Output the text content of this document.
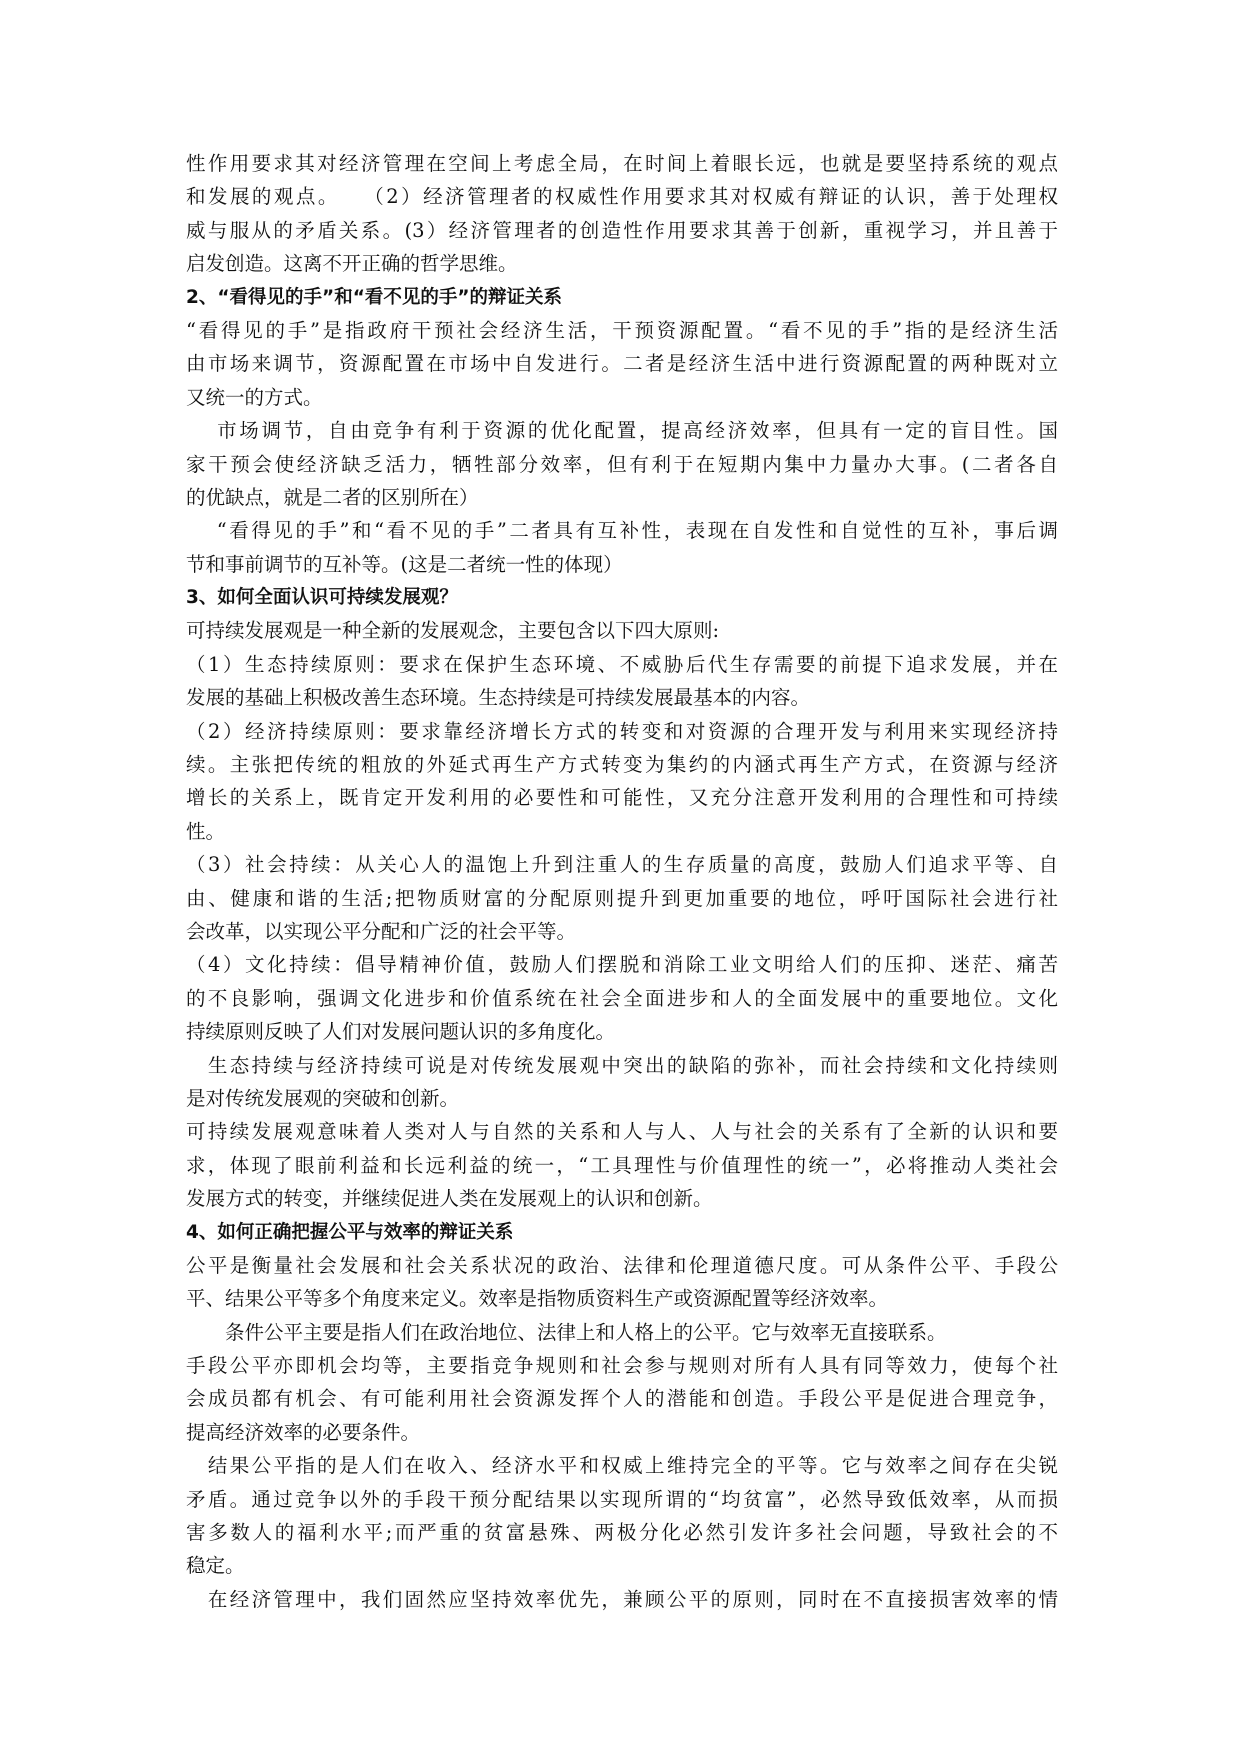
性作用要求其对经济管理在空间上考虑全局，在时间上着眼长远，也就是要坚持系统的观点
和发展的观点。　　（2）经济管理者的权威性作用要求其对权威有辩证的认识，善于处理权
威与服从的矛盾关系。(3）经济管理者的创造性作用要求其善于创新，重视学习，并且善于
启发创造。这离不开正确的哲学思维。
2、“看得见的手”和“看不见的手”的辩证关系
“看得见的手”是指政府干预社会经济生活，干预资源配置。“看不见的手”指的是经济生活
由市场来调节，资源配置在市场中自发进行。二者是经济生活中进行资源配置的两种既对立
又统一的方式。
　 市场调节，自由竞争有利于资源的优化配置，提高经济效率，但具有一定的盲目性。国
家干预会使经济缺乏活力，牺牲部分效率，但有利于在短期内集中力量办大事。(二者各自
的优缺点，就是二者的区别所在）
　 “看得见的手”和“看不见的手”二者具有互补性，表现在自发性和自觉性的互补，事后调
节和事前调节的互补等。(这是二者统一性的体现）
3、如何全面认识可持续发展观？
可持续发展观是一种全新的发展观念，主要包含以下四大原则:
（1）生态持续原则：要求在保护生态环境、不威胁后代生存需要的前提下追求发展，并在
发展的基础上积极改善生态环境。生态持续是可持续发展最基本的内容。
（2）经济持续原则：要求靠经济增长方式的转变和对资源的合理开发与利用来实现经济持
续。主张把传统的粗放的外延式再生产方式转变为集约的内涵式再生产方式，在资源与经济
增长的关系上，既肯定开发利用的必要性和可能性，又充分注意开发利用的合理性和可持续
性。
（3）社会持续：从关心人的温饱上升到注重人的生存质量的高度，鼓励人们追求平等、自
由、健康和谐的生活;把物质财富的分配原则提升到更加重要的地位，呼吁国际社会进行社
会改革，以实现公平分配和广泛的社会平等。
（4）文化持续：倡导精神价值，鼓励人们摆脱和消除工业文明给人们的压抑、迷茫、痛苦
的不良影响，强调文化进步和价值系统在社会全面进步和人的全面发展中的重要地位。文化
持续原则反映了人们对发展问题认识的多角度化。
　生态持续与经济持续可说是对传统发展观中突出的缺陷的弥补，而社会持续和文化持续则
是对传统发展观的突破和创新。
可持续发展观意味着人类对人与自然的关系和人与人、人与社会的关系有了全新的认识和要
求，体现了眼前利益和长远利益的统一，“工具理性与价值理性的统一”，必将推动人类社会
发展方式的转变，并继续促进人类在发展观上的认识和创新。
4、如何正确把握公平与效率的辩证关系
公平是衡量社会发展和社会关系状况的政治、法律和伦理道德尺度。可从条件公平、手段公
平、结果公平等多个角度来定义。效率是指物质资料生产或资源配置等经济效率。
　　条件公平主要是指人们在政治地位、法律上和人格上的公平。它与效率无直接联系。
手段公平亦即机会均等，主要指竞争规则和社会参与规则对所有人具有同等效力，使每个社
会成员都有机会、有可能利用社会资源发挥个人的潜能和创造。手段公平是促进合理竞争，
提高经济效率的必要条件。
　结果公平指的是人们在收入、经济水平和权威上维持完全的平等。它与效率之间存在尖锐
矛盾。通过竞争以外的手段干预分配结果以实现所谓的“均贫富”，必然导致低效率，从而损
害多数人的福利水平;而严重的贫富悬殊、两极分化必然引发许多社会问题，导致社会的不
稳定。
　在经济管理中，我们固然应坚持效率优先，兼顾公平的原则，同时在不直接损害效率的情
